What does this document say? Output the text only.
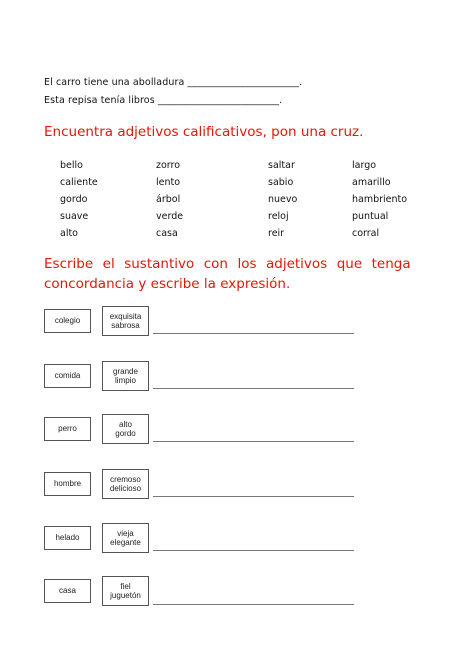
El carro tiene una abolladura _______________________.
Esta repisa tenía libros _________________________.
Encuentra adjetivos calificativos, pon una cruz.
bello
caliente
gordo
suave
alto
zorro
lento
árbol
verde
casa
saltar
sabio
nuevo
reloj
reir
largo
amarillo
hambriento
puntual
corral
Escribe el sustantivo con los adjetivos que tenga
concordancia y escribe la expresión.
colegio
exquisita
sabrosa
comida
grande
limpio
perro
alto
gordo
hombre
cremoso
delicioso
helado
vieja
elegante
casa
fiel
juguetón
